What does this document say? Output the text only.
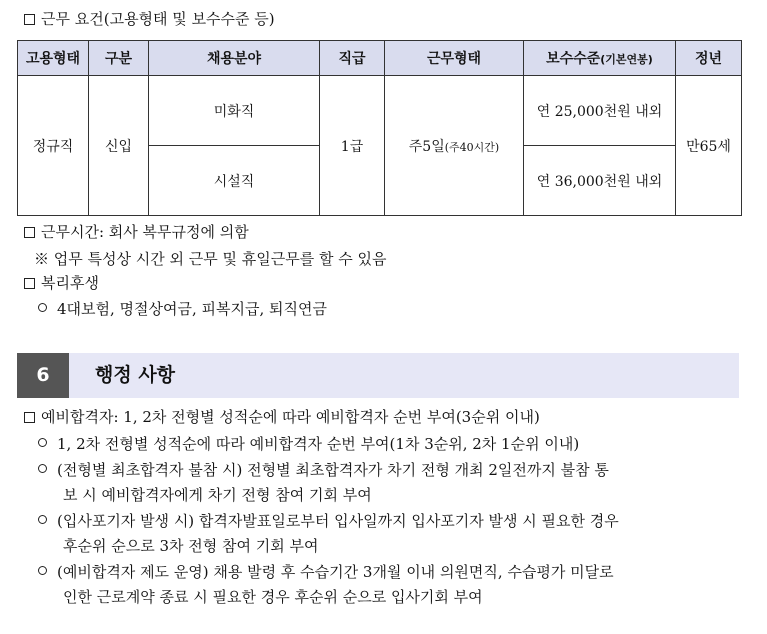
근무 요건(고용형태 및 보수수준 등)
고용형태	구분	채용분야	직급	근무형태	보수수준(기본연봉)	정년
정규직	신입	미화직	1급	주5일(주40시간)	연 25,000천원 내외	만65세
		시설직			연 36,000천원 내외	
근무시간: 회사 복무규정에 의함
※ 업무 특성상 시간 외 근무 및 휴일근무를 할 수 있음
복리후생
4대보험, 명절상여금, 피복지급, 퇴직연금
6	행정 사항
예비합격자: 1, 2차 전형별 성적순에 따라 예비합격자 순번 부여(3순위 이내)
1, 2차 전형별 성적순에 따라 예비합격자 순번 부여(1차 3순위, 2차 1순위 이내)
(전형별 최초합격자 불참 시) 전형별 최초합격자가 차기 전형 개최 2일전까지 불참 통
보 시 예비합격자에게 차기 전형 참여 기회 부여
(입사포기자 발생 시) 합격자발표일로부터 입사일까지 입사포기자 발생 시 필요한 경우
후순위 순으로 3차 전형 참여 기회 부여
(예비합격자 제도 운영) 채용 발령 후 수습기간 3개월 이내 의원면직, 수습평가 미달로
인한 근로계약 종료 시 필요한 경우 후순위 순으로 입사기회 부여
